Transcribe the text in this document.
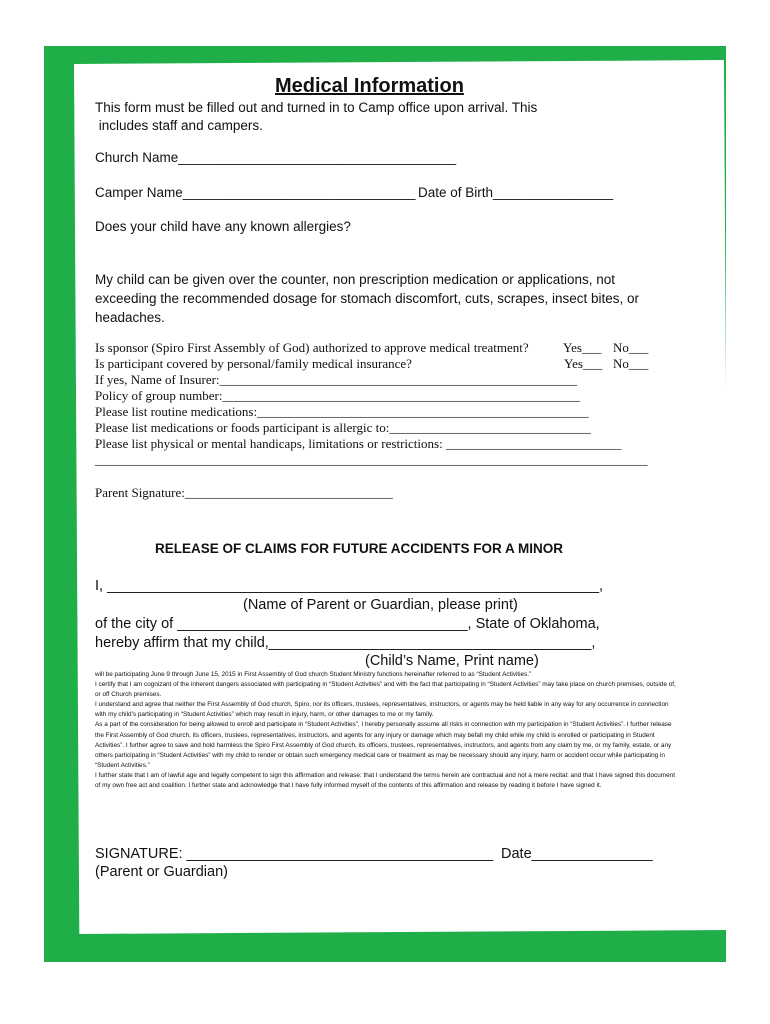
Medical Information
This form must be filled out and turned in to Camp office upon arrival. This
includes staff and campers.
Church Name_____________________________________
Camper Name_______________________________ Date of Birth________________
Does your child have any known allergies?
My child can be given over the counter, non prescription medication or applications, not exceeding the recommended dosage for stomach discomfort, cuts, scrapes, insect bites, or headaches.
Is sponsor (Spiro First Assembly of God) authorized to approve medical treatment?	Yes___ No___
Is participant covered by personal/family medical insurance?	Yes___ No___
If yes, Name of Insurer:_______________________________________________________
Policy of group number:_______________________________________________________
Please list routine medications:___________________________________________________
Please list medications or foods participant is allergic to:_______________________________
Please list physical or mental handicaps, limitations or restrictions: ___________________________
_____________________________________________________________________________________
Parent Signature:________________________________
RELEASE OF CLAIMS FOR FUTURE ACCIDENTS FOR A MINOR
I, _____________________________________________________________,
(Name of Parent or Guardian, please print)
of the city of ____________________________________, State of Oklahoma,
hereby affirm that my child,________________________________________,
(Child’s Name, Print name)

will be participating June 9 through June 15, 2015 in First Assembly of God church Student Ministry functions hereinafter referred to as “Student Activities.”

I certify that I am cognizant of the inherent dangers associated with participating in “Student Activities” and with the fact that participating in “Student Activities” may take place on church premises, outside of, or off Church premises.

I understand and agree that neither the First Assembly of God church, Spiro, nor its officers, trustees, representatives, instructors, or agents may be held liable in any way for any occurrence in connection with my child’s participating in “Student Activities” which may result in injury, harm, or other damages to me or my family.

As a part of the consideration for being allowed to enroll and participate in “Student Activities”, I hereby personally assume all risks in connection with my participation in “Student Activities”. I further release the First Assembly of God church, its officers, trustees, representatives, instructors, and agents for any injury or damage which may befall my child while my child is enrolled or participating in Student Activities”. I further agree to save and hold harmless the Spiro First Assembly of God church, its officers, trustees, representatives, instructors, and agents from any claim by me, or my family, estate, or any others participating in “Student Activities” with my child to render or obtain such emergency medical care or treatment as may be necessary should any injury, harm or accident occur while participating in “Student Activities.”

I further state that I am of lawful age and legally competent to sign this affirmation and release: that I understand the terms herein are contractual and not a mere recital: and that I have signed this document of my own free act and coalition. I further state and acknowledge that I have fully informed myself of the contents of this affirmation and release by reading it before I have signed it.

SIGNATURE: ______________________________________
(Parent or Guardian)
Date_______________
